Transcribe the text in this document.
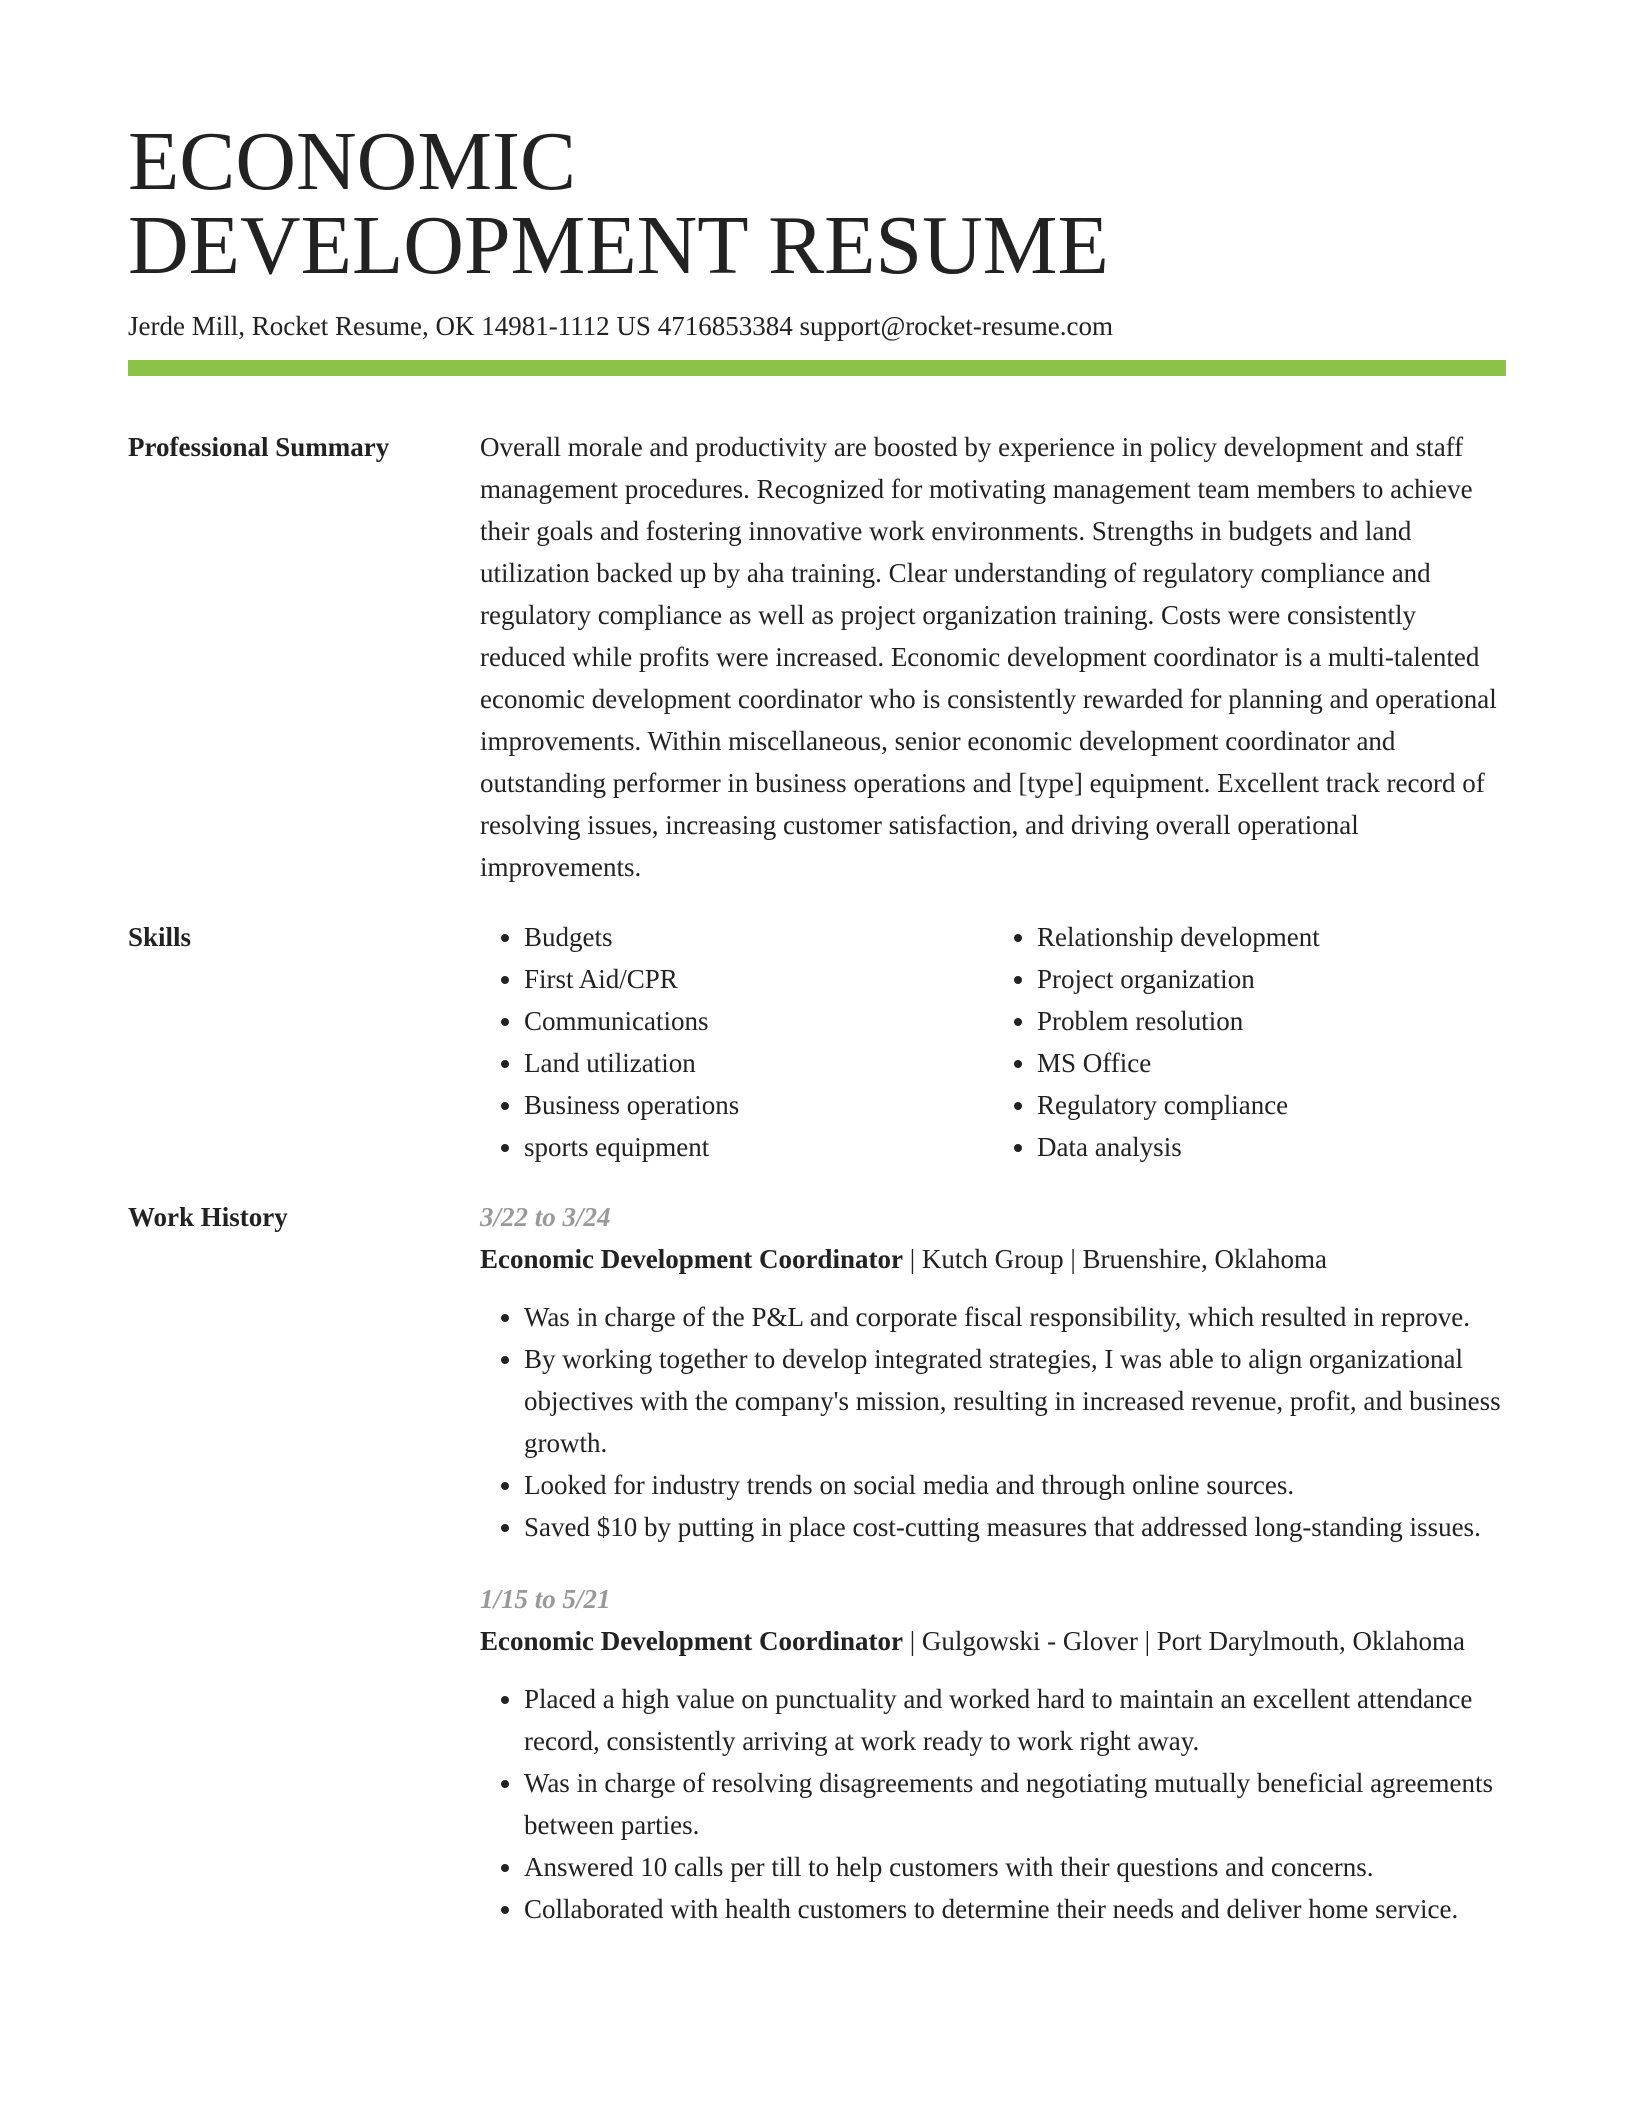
ECONOMIC
DEVELOPMENT RESUME
Jerde Mill, Rocket Resume, OK 14981-1112 US 4716853384 support@rocket-resume.com
Professional Summary	Overall morale and productivity are boosted by experience in policy development and staff management procedures. Recognized for motivating management team members to achieve their goals and fostering innovative work environments. Strengths in budgets and land utilization backed up by aha training. Clear understanding of regulatory compliance and regulatory compliance as well as project organization training. Costs were consistently reduced while profits were increased. Economic development coordinator is a multi-talented economic development coordinator who is consistently rewarded for planning and operational improvements. Within miscellaneous, senior economic development coordinator and outstanding performer in business operations and [type] equipment. Excellent track record of resolving issues, increasing customer satisfaction, and driving overall operational improvements.

Skills
•	Budgets
• First Aid/CPR
• Communications
• Land utilization
• Business operations
• sports equipment
• Relationship development
• Project organization
• Problem resolution
• MS Office
• Regulatory compliance
• Data analysis
Work History	3/22 to 3/24
Economic Development Coordinator | Kutch Group | Bruenshire, Oklahoma
• Was in charge of the P&L and corporate fiscal responsibility, which resulted in reprove.
• By working together to develop integrated strategies, I was able to align organizational objectives with the company's mission, resulting in increased revenue, profit, and business growth.
• Looked for industry trends on social media and through online sources.
• Saved $10 by putting in place cost-cutting measures that addressed long-standing issues.
1/15 to 5/21
Economic Development Coordinator | Gulgowski - Glover | Port Darylmouth, Oklahoma
• Placed a high value on punctuality and worked hard to maintain an excellent attendance record, consistently arriving at work ready to work right away.
• Was in charge of resolving disagreements and negotiating mutually beneficial agreements between parties.
• Answered 10 calls per till to help customers with their questions and concerns.
• Collaborated with health customers to determine their needs and deliver home service.
